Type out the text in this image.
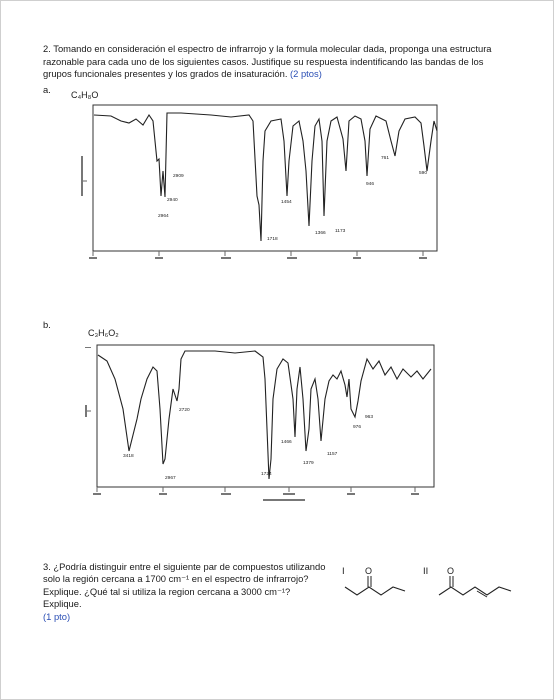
2. Tomando en consideración el espectro de infrarrojo y la formula molecular dada, proponga una estructura razonable para cada uno de los siguientes casos. Justifique su respuesta indentificando las bandas de los grupos funcionales presentes y los grados de insaturación. (2 ptos)
a. C₄H₈O
2909
2940
2964
1454
1718
1366 1173
946
761
590
b.
C₃H₆O₂
3418
2967
2720
1466
1379
1724
1157
963
976
3. ¿Podría distinguir entre el siguiente par de compuestos utilizando solo la región cercana a 1700 cm⁻¹ en el espectro de infrarrojo? Explique. ¿Qué tal si utiliza la region cercana a 3000 cm⁻¹? Explique.
(1 pto)
I	II
O	O
